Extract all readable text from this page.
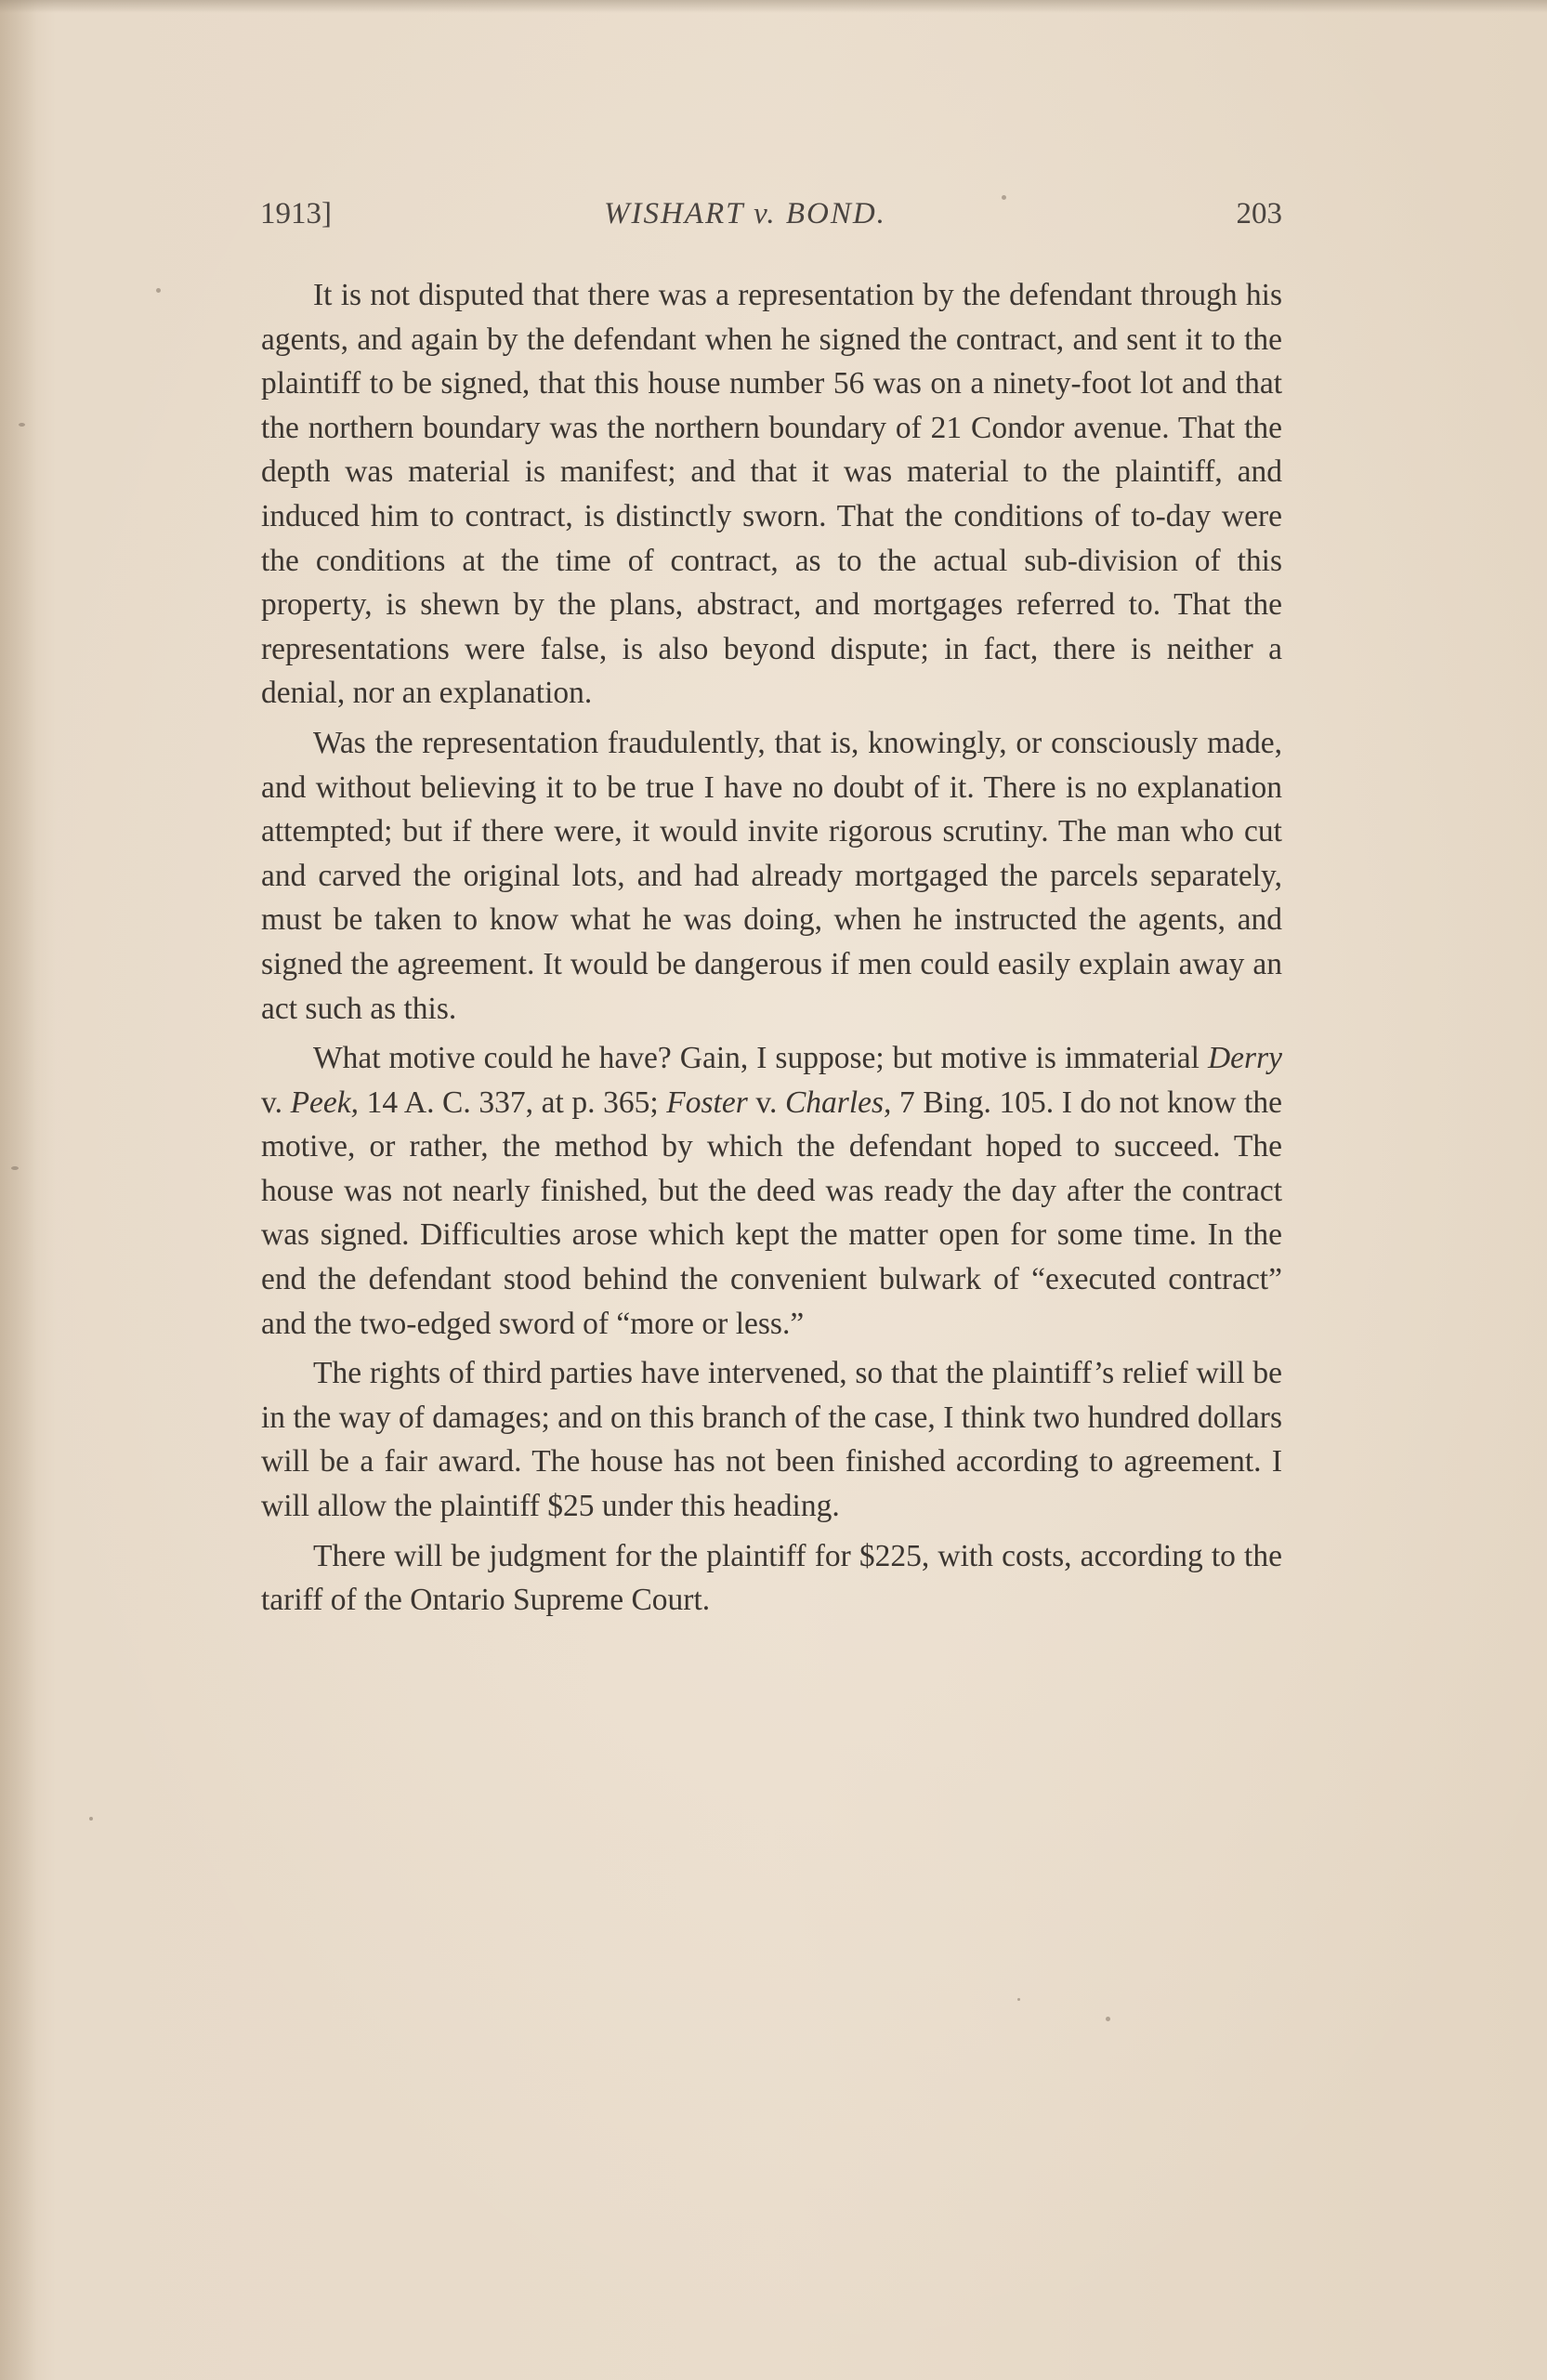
1913]	WISHART v. BOND.	203

It is not disputed that there was a representation by the defendant through his agents, and again by the defendant when he signed the contract, and sent it to the plaintiff to be signed, that this house number 56 was on a ninety-foot lot and that the northern boundary was the northern boundary of 21 Condor avenue. That the depth was material is manifest; and that it was material to the plaintiff, and induced him to contract, is distinctly sworn. That the conditions of to-day were the conditions at the time of contract, as to the actual sub-division of this property, is shewn by the plans, abstract, and mortgages referred to. That the representations were false, is also beyond dispute; in fact, there is neither a denial, nor an explanation.

Was the representation fraudulently, that is, knowingly, or consciously made, and without believing it to be true I have no doubt of it. There is no explanation attempted; but if there were, it would invite rigorous scrutiny. The man who cut and carved the original lots, and had already mortgaged the parcels separately, must be taken to know what he was doing, when he instructed the agents, and signed the agreement. It would be dangerous if men could easily explain away an act such as this.

What motive could he have? Gain, I suppose; but motive is immaterial Derry v. Peek, 14 A. C. 337, at p. 365; Foster v. Charles, 7 Bing. 105. I do not know the motive, or rather, the method by which the defendant hoped to succeed. The house was not nearly finished, but the deed was ready the day after the contract was signed. Difficulties arose which kept the matter open for some time. In the end the defendant stood behind the convenient bulwark of “executed contract” and the two-edged sword of “more or less.”

The rights of third parties have intervened, so that the plaintiff’s relief will be in the way of damages; and on this branch of the case, I think two hundred dollars will be a fair award. The house has not been finished according to agreement. I will allow the plaintiff $25 under this heading.

There will be judgment for the plaintiff for $225, with costs, according to the tariff of the Ontario Supreme Court.
